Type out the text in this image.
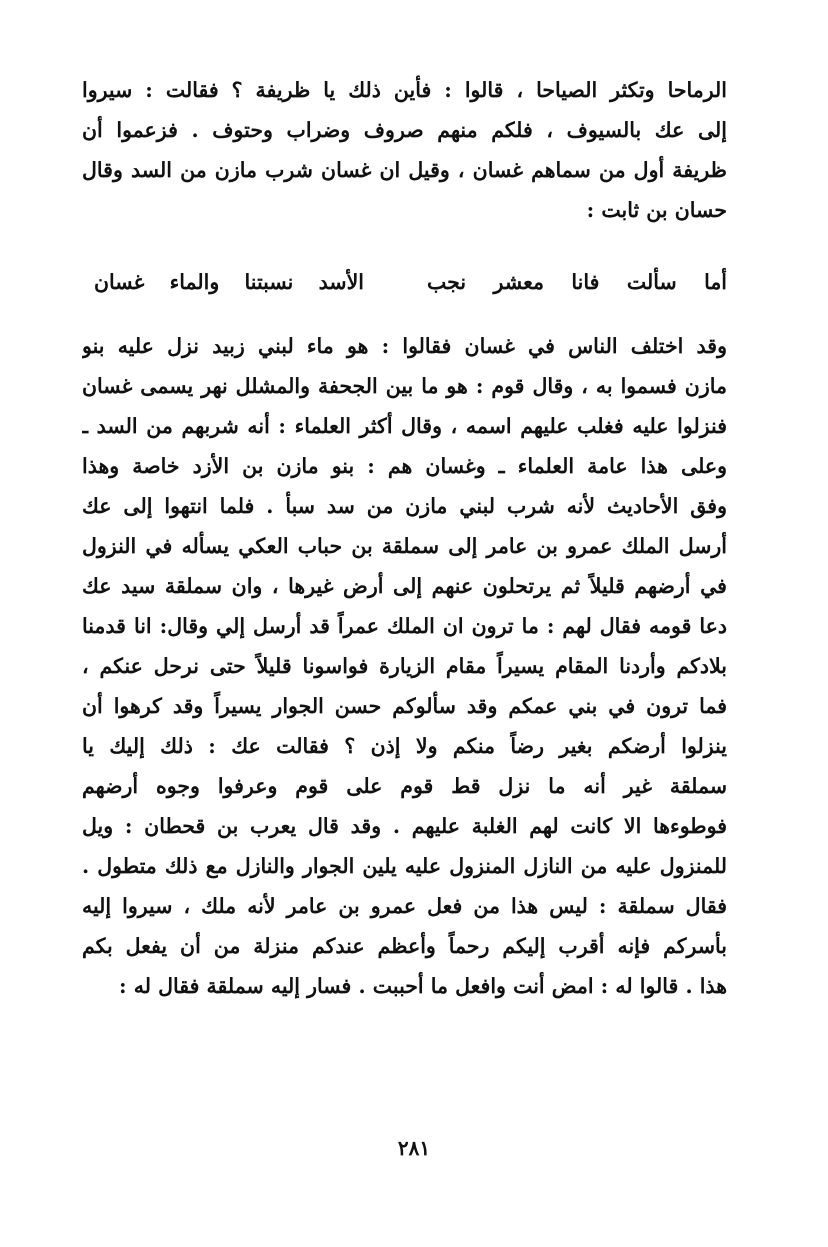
الرماحا وتكثر الصياحا ، قالوا : فأين ذلك يا ظريفة ؟ فقالت : سيروا
إلى عك بالسيوف ، فلكم منهم صروف وضراب وحتوف . فزعموا أن
ظريفة أول من سماهم غسان ، وقيل ان غسان شرب مازن من السد وقال
حسان بن ثابت :
أما سألت فانا معشر نجب
الأسد نسبتنا والماء غسان
وقد اختلف الناس في غسان فقالوا : هو ماء لبني زبيد نزل عليه بنو
مازن فسموا به ، وقال قوم : هو ما بين الجحفة والمشلل نهر يسمى غسان
فنزلوا عليه فغلب عليهم اسمه ، وقال أكثر العلماء : أنه شربهم من السد ـ
وعلى هذا عامة العلماء ـ وغسان هم : بنو مازن بن الأزد خاصة وهذا
وفق الأحاديث لأنه شرب لبني مازن من سد سبأ . فلما انتهوا إلى عك
أرسل الملك عمرو بن عامر إلى سملقة بن حباب العكي يسأله في النزول
في أرضهم قليلاً ثم يرتحلون عنهم إلى أرض غيرها ، وان سملقة سيد عك
دعا قومه فقال لهم : ما ترون ان الملك عمراً قد أرسل إلي وقال: انا قدمنا
بلادكم وأردنا المقام يسيراً مقام الزيارة فواسونا قليلاً حتى نرحل عنكم ،
فما ترون في بني عمكم وقد سألوكم حسن الجوار يسيراً وقد كرهوا أن
ينزلوا أرضكم بغير رضاً منكم ولا إذن ؟ فقالت عك : ذلك إليك يا
سملقة غير أنه ما نزل قط قوم على قوم وعرفوا وجوه أرضهم
فوطوءها الا كانت لهم الغلبة عليهم . وقد قال يعرب بن قحطان : ويل
للمنزول عليه من النازل المنزول عليه يلين الجوار والنازل مع ذلك متطول .
فقال سملقة : ليس هذا من فعل عمرو بن عامر لأنه ملك ، سيروا إليه
بأسركم فإنه أقرب إليكم رحماً وأعظم عندكم منزلة من أن يفعل بكم
هذا . قالوا له : امض أنت وافعل ما أحببت . فسار إليه سملقة فقال له :
٢٨١
